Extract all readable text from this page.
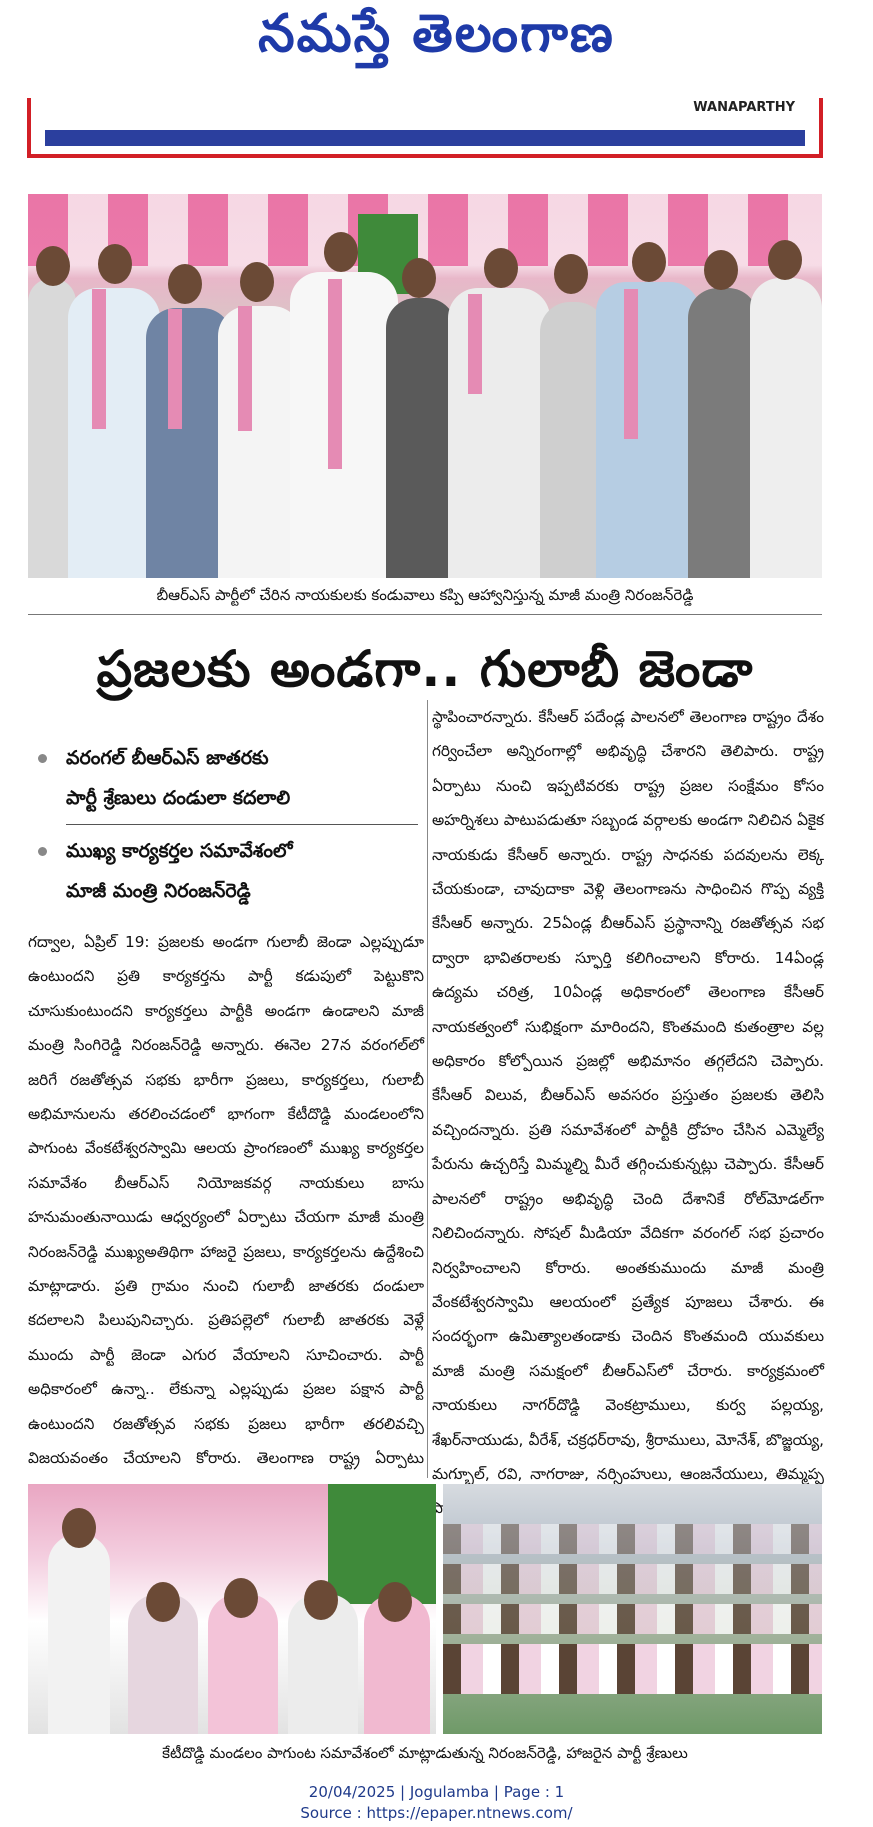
నమస్తే తెలంగాణ
WANAPARTHY
బీఆర్ఎస్ పార్టీలో చేరిన నాయకులకు కండువాలు కప్పి ఆహ్వానిస్తున్న మాజీ మంత్రి నిరంజన్‌రెడ్డి
ప్రజలకు అండగా.. గులాబీ జెండా
వరంగల్ బీఆర్ఎస్ జాతరకు
పార్టీ శ్రేణులు దండులా కదలాలి
ముఖ్య కార్యకర్తల సమావేశంలో
మాజీ మంత్రి నిరంజన్‌రెడ్డి
గద్వాల, ఏప్రిల్ 19: ప్రజలకు అండగా గులాబీ జెండా ఎల్లప్పుడూ ఉంటుందని ప్రతి కార్యకర్తను పార్టీ కడుపులో పెట్టుకొని చూసుకుంటుందని కార్యకర్తలు పార్టీకి అండగా ఉండాలని మాజీ మంత్రి సింగిరెడ్డి నిరంజన్‌రెడ్డి అన్నారు. ఈనెల 27న వరంగల్‌లో జరిగే రజతోత్సవ సభకు భారీగా ప్రజలు, కార్యకర్తలు, గులాబీ అభిమానులను తరలించడంలో భాగంగా కేటీదొడ్డి మండలంలోని పాగుంట వేంకటేశ్వరస్వామి ఆలయ ప్రాంగణంలో ముఖ్య కార్యకర్తల సమావేశం బీఆర్ఎస్ నియోజకవర్గ నాయకులు బాసు హనుమంతునాయిడు ఆధ్వర్యంలో ఏర్పాటు చేయగా మాజీ మంత్రి నిరంజన్‌రెడ్డి ముఖ్యఅతిథిగా హాజరై ప్రజలు, కార్యకర్తలను ఉద్దేశించి మాట్లాడారు. ప్రతి గ్రామం నుంచి గులాబీ జాతరకు దండులా కదలాలని పిలుపునిచ్చారు. ప్రతిపల్లెలో గులాబీ జాతరకు వెళ్లే ముందు పార్టీ జెండా ఎగుర వేయాలని సూచించారు. పార్టీ అధికారంలో ఉన్నా.. లేకున్నా ఎల్లప్పుడు ప్రజల పక్షాన పార్టీ ఉంటుందని రజతోత్సవ సభకు ప్రజలు భారీగా తరలివచ్చి విజయవంతం చేయాలని కోరారు. తెలంగాణ రాష్ట్ర ఏర్పాటు
స్థాపించారన్నారు. కేసీఆర్ పదేండ్ల పాలనలో తెలంగాణ రాష్ట్రం దేశం గర్వించేలా అన్నిరంగాల్లో అభివృద్ధి చేశారని తెలిపారు. రాష్ట్ర ఏర్పాటు నుంచి ఇప్పటివరకు రాష్ట్ర ప్రజల సంక్షేమం కోసం అహర్నిశలు పాటుపడుతూ సబ్బండ వర్గాలకు అండగా నిలిచిన ఏకైక నాయకుడు కేసీఆర్ అన్నారు. రాష్ట్ర సాధనకు పదవులను లెక్క చేయకుండా, చావుదాకా వెళ్లి తెలంగాణను సాధించిన గొప్ప వ్యక్తి కేసీఆర్ అన్నారు. 25ఏండ్ల బీఆర్ఎస్ ప్రస్థానాన్ని రజతోత్సవ సభ ద్వారా భావితరాలకు స్ఫూర్తి కలిగించాలని కోరారు. 14ఏండ్ల ఉద్యమ చరిత్ర, 10ఏండ్ల అధికారంలో తెలంగాణ కేసీఆర్ నాయకత్వంలో సుభిక్షంగా మారిందని, కొంతమంది కుతంత్రాల వల్ల అధికారం కోల్పోయిన ప్రజల్లో అభిమానం తగ్గలేదని చెప్పారు. కేసీఆర్ విలువ, బీఆర్ఎస్ అవసరం ప్రస్తుతం ప్రజలకు తెలిసి వచ్చిందన్నారు. ప్రతి సమావేశంలో పార్టీకి ద్రోహం చేసిన ఎమ్మెల్యే పేరును ఉచ్చరిస్తే మిమ్మల్ని మీరే తగ్గించుకున్నట్లు చెప్పారు. కేసీఆర్ పాలనలో రాష్ట్రం అభివృద్ధి చెంది దేశానికే రోల్‌మోడల్‌గా నిలిచిందన్నారు. సోషల్ మీడియా వేదికగా వరంగల్ సభ ప్రచారం నిర్వహించాలని కోరారు. అంతకుముందు మాజీ మంత్రి వేంకటేశ్వరస్వామి ఆలయంలో ప్రత్యేక పూజలు చేశారు. ఈ సందర్భంగా ఉమిత్యాలతండాకు చెందిన కొంతమంది యువకులు మాజీ మంత్రి సమక్షంలో బీఆర్ఎస్‌లో చేరారు. కార్యక్రమంలో నాయకులు నాగర్‌దొడ్డి వెంకట్రాములు, కుర్వ పల్లయ్య, శేఖర్‌నాయుడు, వీరేశ్, చక్రధర్‌రావు, శ్రీరాములు, మోనేశ్, బొజ్జయ్య, మగ్బూల్, రవి, నాగరాజు, నర్సింహులు, ఆంజనేయులు, తిమ్మప్ప
కేటీదొడ్డి మండలం పాగుంట సమావేశంలో మాట్లాడుతున్న నిరంజన్‌రెడ్డి, హాజరైన పార్టీ శ్రేణులు
20/04/2025 | Jogulamba | Page : 1
Source : https://epaper.ntnews.com/
